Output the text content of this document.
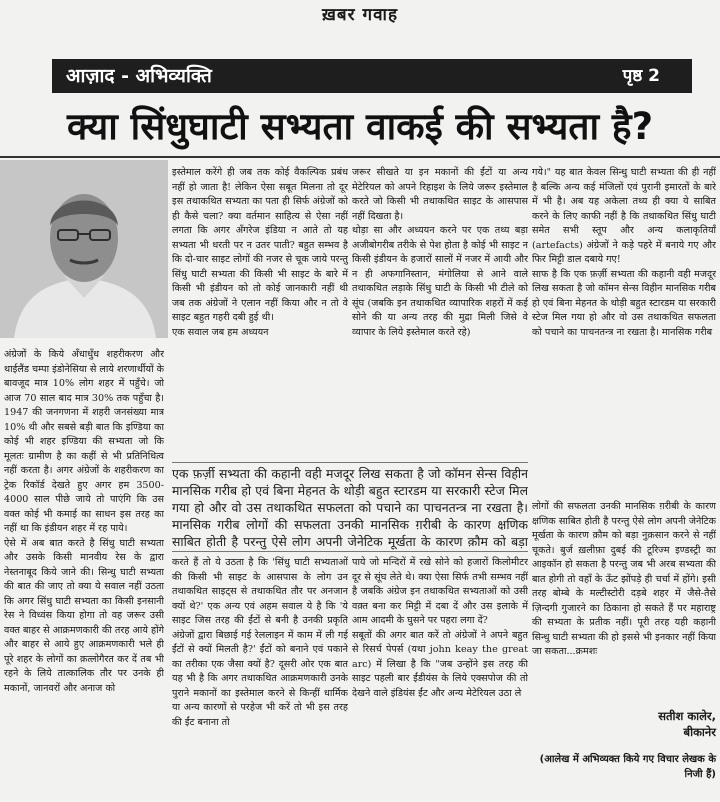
ख़बर गवाह
आज़ाद - अभिव्यक्ति	पृष्ठ 2
क्या सिंधुघाटी सभ्यता वाकई की सभ्यता है?
अंग्रेजों के किये अँधाधुँध शहरीकरण और थाईलैंड चम्पा इंडोनेसिया से लाये शरणार्थीयों के बावजूद मात्र 10% लोग शहर में पहुँचे। जो आज 70 साल बाद मात्र 30% तक पहुँचा है। 1947 की जनगणना में शहरी जनसंख्या मात्र 10% थी और सबसे बड़ी बात कि इण्डिया का कोई भी शहर इण्डिया की सभ्यता जो कि मूलतः ग्रामीण है का कहीं से भी प्रतिनिधित्व नहीं करता है। अगर अंग्रेजों के शहरीकरण का ट्रेक रिकॉर्ड देखते हुए अगर हम 3500-4000 साल पीछे जाये तो पाएंगि कि उस वक्त कोई भी कमाई का साधन इस तरह का नहीं था कि इंडीयन शहर में रह पाये।
ऐसे में अब बात करते है सिंधु घाटी सभ्यता और उसके किसी मानवीय रेस के द्वारा नेस्तनाबूद किये जाने की। सिन्धु घाटी सभ्यता की बात की जाए तो क्या ये सवाल नहीं उठता कि अगर सिंधु घाटी सभ्यता का किसी इनसानी रेस ने विध्वंस किया होगा तो वह जरूर उसी वक्त बाहर से आक्रमणकारी की तरह आये होंगे और बाहर से आये हुए आक्रमणकारी भले ही पूरे शहर के लोगों का क़त्लोगैरत कर दें तब भी रहने के लिये तात्कालिक तौर पर उनके ही मकानों, जानवरों और अनाज को
इस्तेमाल करेंगे ही जब तक कोई वैकल्पिक प्रबंध नहीं हो जाता है! लेकिन ऐसा सबूत मिलना तो दूर इस तथाकथित सभ्यता का पता ही सिर्फ अंग्रेजों को ही कैसे चला? क्या वर्तमान साहित्य से ऐसा नहीं लगता कि अगर अँगरेज इंडिया न आते तो यह सभ्यता भी धरती पर न उतर पाती? बहुत सम्भव है कि दो-चार साइट लोगों की नजर से चूक जाये परन्तु सिंधु घाटी सभ्यता की किसी भी साइट के बारे में किसी भी इंडीयन को तो कोई जानकारी नहीं थी जब तक अंग्रेजों ने एलान नहीं किया और न तो वे साइट बहुत गहरी दबी हुई थी।
एक सवाल जब हम अध्ययन
जरूर सीखते या इन मकानों की ईंटों या अन्य मेटेरियल को अपने रिहाइश के लिये जरूर इस्तेमाल करते जो किसी भी तथाकथित साइट के आसपास नहीं दिखता है।
थोड़ा सा और अध्ययन करने पर एक तथ्य बड़ा अजीबोगरीब तरीके से पेश होता है कोई भी साइट न किसी इंडीयन के हजारों सालों में नजर में आयी और न ही अफगानिस्तान, मंगोलिया से आने वाले तथाकथित लड़ाके सिंधु घाटी के किसी भी टीले को सूंघ (जबकि इन तथाकथित व्यापारिक शहरों में कई सोने की या अन्य तरह की मुद्रा मिली जिसे वे व्यापार के लिये इस्तेमाल करते रहे)
गये।" यह बात केवल सिन्धु घाटी सभ्यता की ही नहीं है बल्कि अन्य कई मंजिलों एवं पुरानी इमारतों के बारे में भी है। अब यह अकेला तथ्य ही क्या ये साबित करने के लिए काफी नहीं है कि तथाकथित सिंधु घाटी समेत सभी स्तूप और अन्य कलाकृतियाँ (artefacts) अंग्रेजों ने कड़े पहरे में बनाये गए और फिर मिट्टी डाल दबाये गए!
साफ है कि एक फ़र्ज़ी सभ्यता की कहानी वही मजदूर लिख सकता है जो कॉमन सेन्स विहीन मानसिक गरीब हो एवं बिना मेहनत के थोड़ी बहुत स्टारडम या सरकारी स्टेज मिल गया हो और वो उस तथाकथित सफलता को पचाने का पाचनतन्त्र ना रखता है। मानसिक गरीब
एक फ़र्ज़ी सभ्यता की कहानी वही मजदूर लिख सकता है जो कॉमन सेन्स विहीन मानसिक गरीब हो एवं बिना मेहनत के थोड़ी बहुत स्टारडम या सरकारी स्टेज मिल गया हो और वो उस तथाकथित सफलता को पचाने का पाचनतन्त्र ना रखता है। मानसिक गरीब लोगों की सफलता उनकी मानसिक ग़रीबी के कारण क्षणिक साबित होती है परन्तु ऐसे लोग अपनी जेनेटिक मूर्खता के कारण क़ौम को बड़ा
करते हैं तो ये उठता है कि 'सिंधु घाटी सभ्यताओं की किसी भी साइट के आसपास के लोग उन तथाकथित साइट्स से तथाकथित तौर पर अनजान क्यों थे?' एक अन्य एवं अहम सवाल ये है कि 'ये साइट जिस तरह की ईंटों से बनी है उनकी प्रकृति अंग्रेजों द्वारा बिछाई गई रेललाइन में काम में ली गई ईंटों से क्यों मिलती है?' ईंटों को बनाने एवं पकाने का तरीका एक जैसा क्यों है? दूसरी ओर एक बात यह भी है कि अगर तथाकथित आक्रमणकारी उनके पुराने मकानों का इस्तेमाल करने से किन्हीं धार्मिक या अन्य कारणों से परहेज भी करें तो भी इस तरह की ईंट बनाना तो
पाये जो मन्दिरों में रखे सोने को हजारों किलोमीटर दूर से सूंघ लेते थे। क्या ऐसा सिर्फ तभी सम्भव नहीं है जबकि अंग्रेज इन तथाकथित सभ्यताओं को उसी वक़्त बना कर मिट्टी में दबा दें और उस इलाके में आम आदमी के घुसने पर पहरा लगा दें?
सबूतों की अगर बात करें तो अंग्रेजों ने अपने बहुत से रिसर्च पेपर्स (यथा john keay the great arc) में लिखा है कि "जब उन्होंने इस तरह की साइट पहली बार ईंडीयंस के लिये एक्सपोज की तो देखने वाले इंडियंस ईंट और अन्य मेटेरियल उठा ले
लोगों की सफलता उनकी मानसिक ग़रीबी के कारण क्षणिक साबित होती है परन्तु ऐसे लोग अपनी जेनेटिक मूर्खता के कारण क़ौम को बड़ा नुक़सान करने से नहीं चूकते। बुर्ज ख़लीफ़ा दुबई की टूरिज्म इण्डस्ट्री का आइकॉन हो सकता है परन्तु जब भी अरब सभ्यता की बात होगी तो वहाँ के ऊँट झोंपड़े ही चर्चा में होंगे। इसी तरह बोम्बे के मल्टीस्टोरी दड़बे शहर में जैसे-तैसे ज़िन्दगी गुजारने का ठिकाना हो सकते हैं पर महाराष्ट्र की सभ्यता के प्रतीक नहीं। पूरी तरह यही कहानी सिन्धु घाटी सभ्यता की हो इससे भी इनकार नहीं किया जा सकता...क्रमशः
सतीश कालेर,
बीकानेर
(आलेख में अभिव्यक्त किये गए विचार लेखक के निजी हैं)
